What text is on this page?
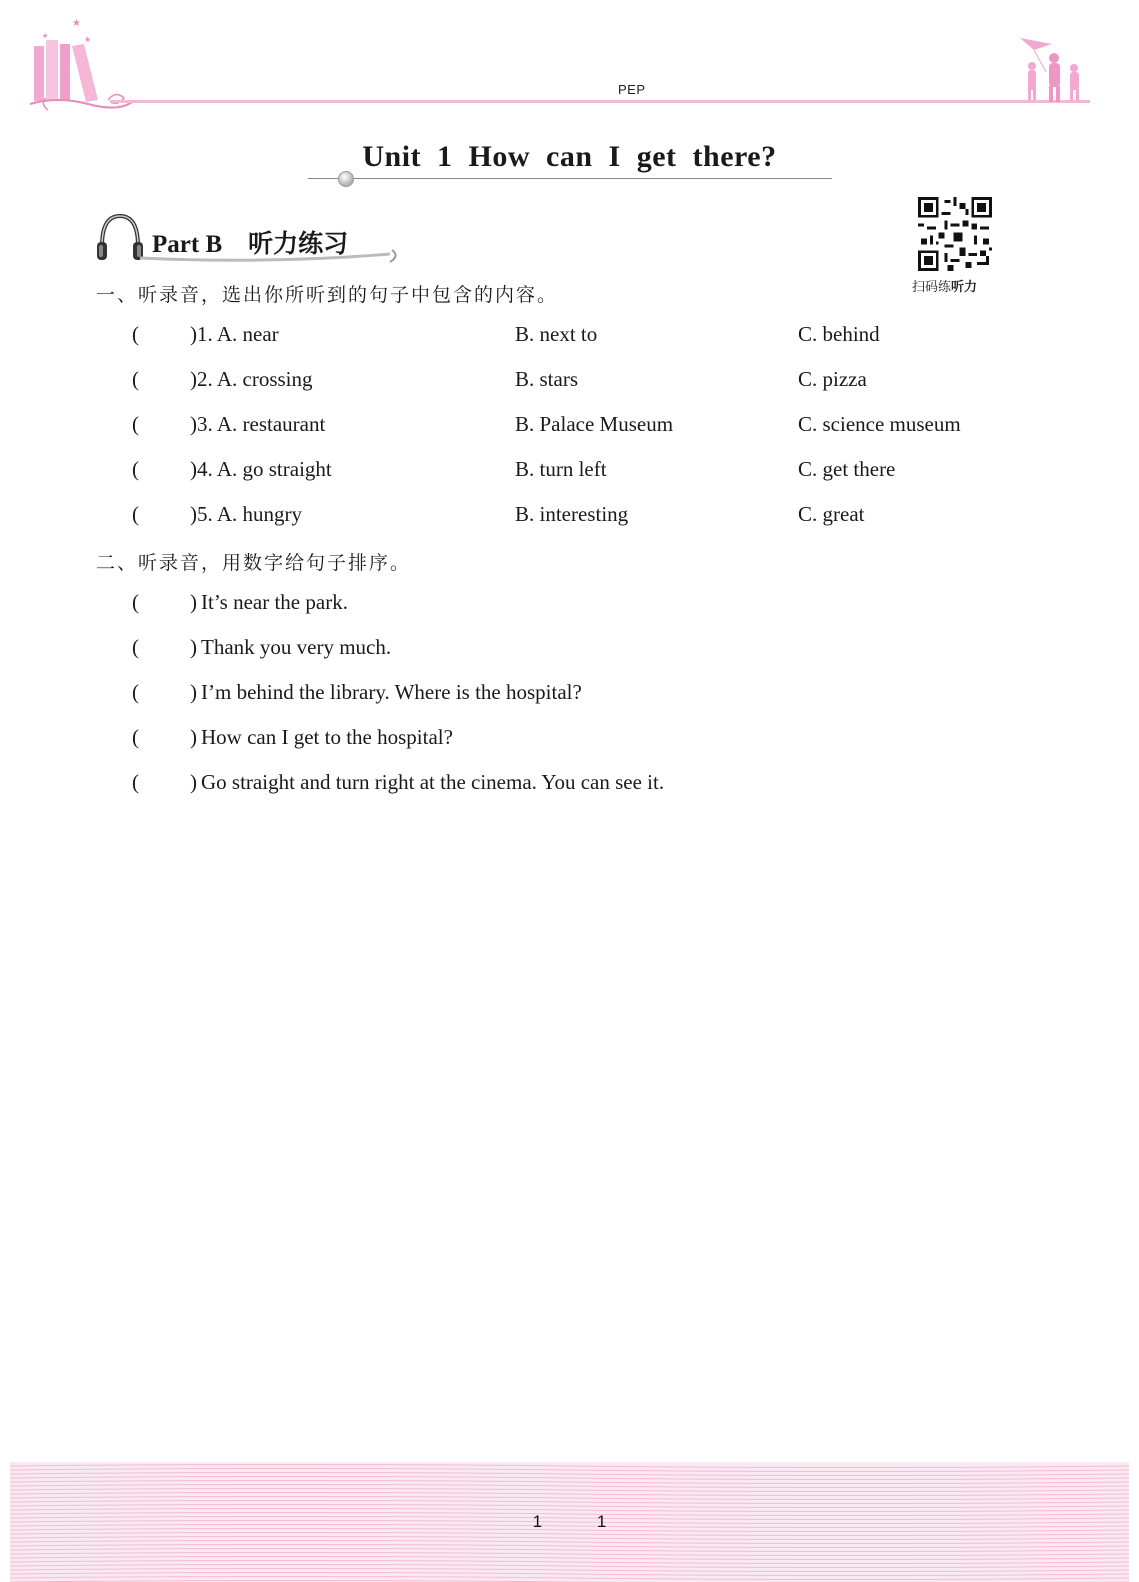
★
★
★
PEP
Unit 1 How can I get there?
Part B 听力练习
扫码练听力
一、听录音，选出你所听到的句子中包含的内容。
( ) 1. A. near	B. next to	C. behind
( ) 2. A. crossing	B. stars	C. pizza
( ) 3. A. restaurant	B. Palace Museum	C. science museum
( ) 4. A. go straight	B. turn left	C. get there
( ) 5. A. hungry	B. interesting	C. great
二、听录音，用数字给句子排序。
( ) It’s near the park.
( ) Thank you very much.
( ) I’m behind the library. Where is the hospital?
( ) How can I get to the hospital?
( ) Go straight and turn right at the cinema. You can see it.
1 1
